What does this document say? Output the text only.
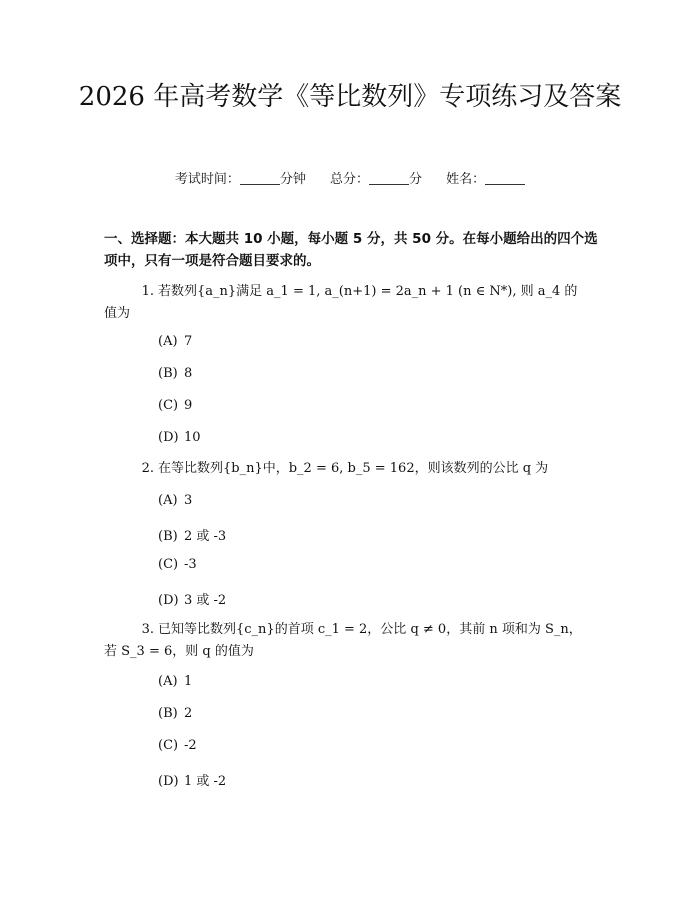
2026 年高考数学《等比数列》专项练习及答案
考试时间：	分钟 总分：	分 姓名：
一、选择题：本大题共 10 小题，每小题 5 分，共 50 分。在每小题给出的四个选项中，只有一项是符合题目要求的。
1. 若数列{a_n}满足 a_1 = 1, a_(n+1) = 2a_n + 1 (n ∈ N*), 则 a_4 的
值为
(A) 7
(B) 8
(C) 9
(D) 10
2. 在等比数列{b_n}中，b_2 = 6, b_5 = 162，则该数列的公比 q 为
(A) 3
(B) 2 或 -3
(C) -3
(D) 3 或 -2
3. 已知等比数列{c_n}的首项 c_1 = 2，公比 q ≠ 0，其前 n 项和为 S_n，
若 S_3 = 6，则 q 的值为
(A) 1
(B) 2
(C) -2
(D) 1 或 -2
